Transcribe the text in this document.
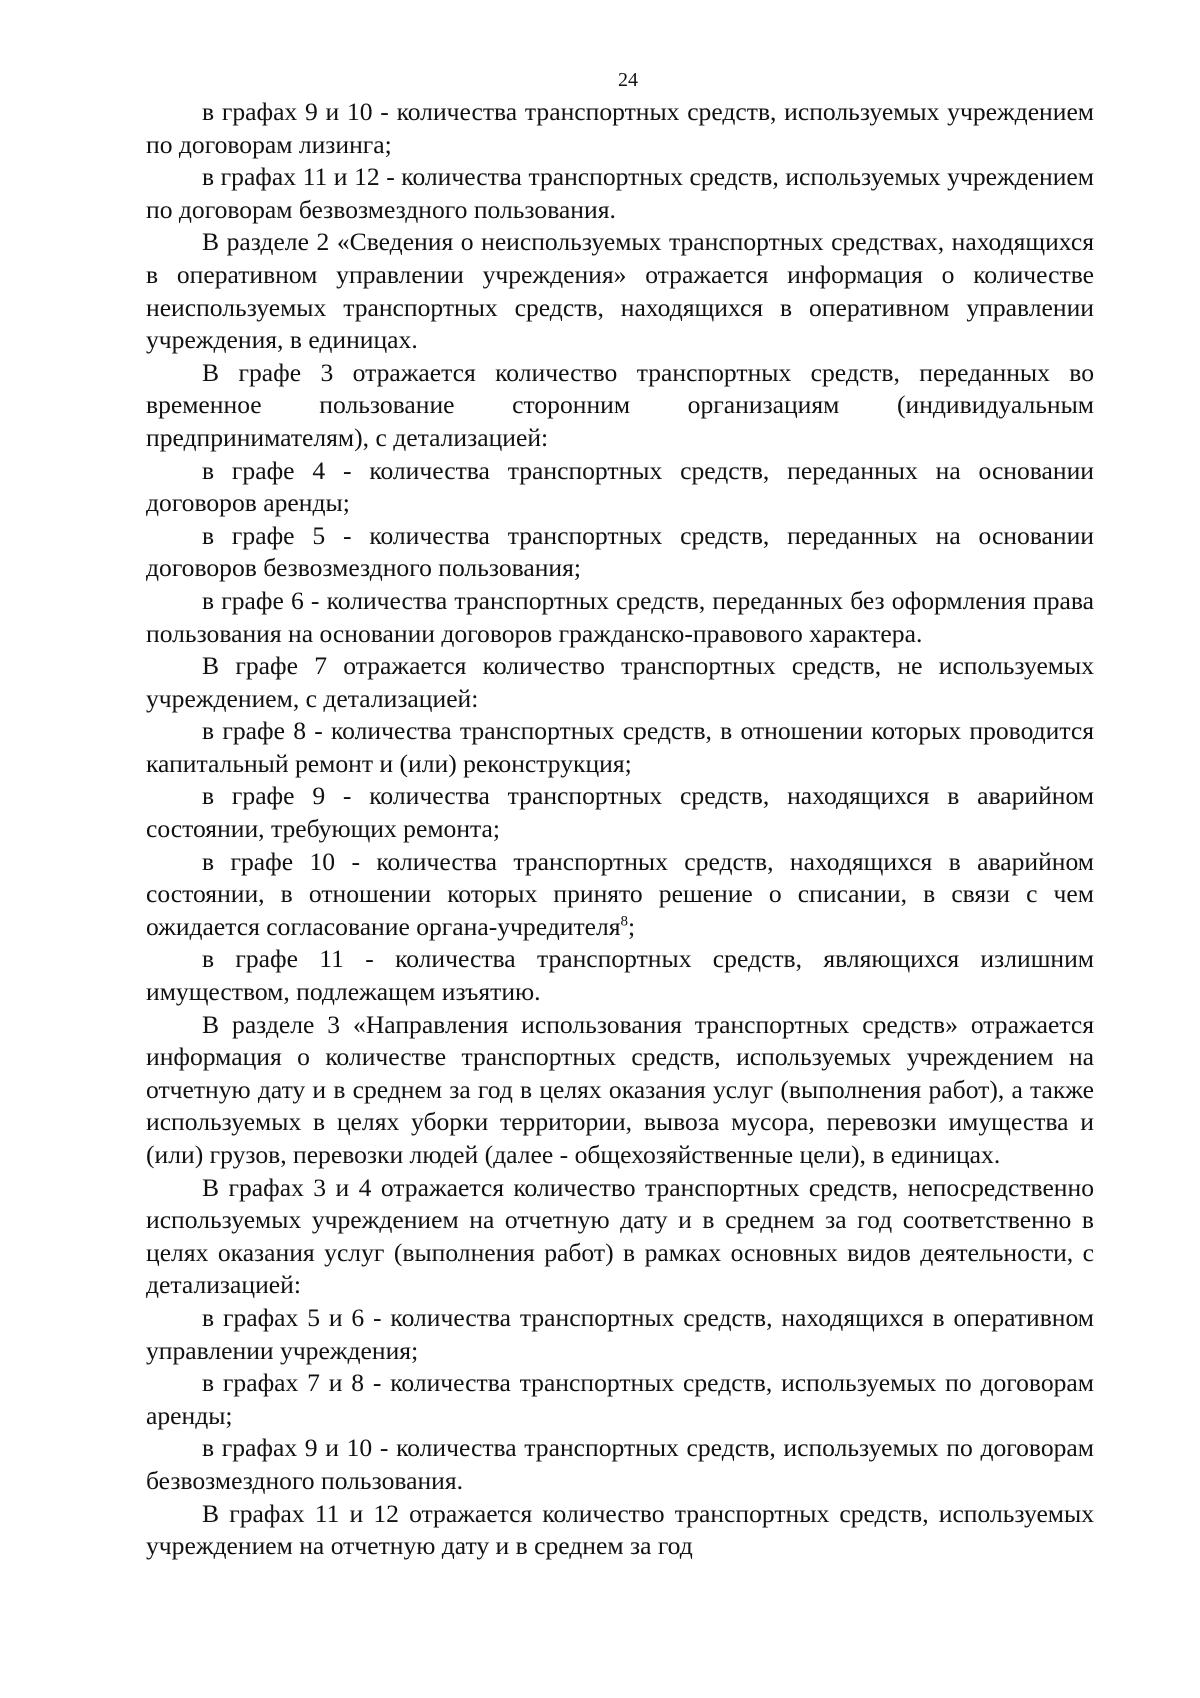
24

в графах 9 и 10 - количества транспортных средств, используемых учреждением по договорам лизинга;

в графах 11 и 12 - количества транспортных средств, используемых учреждением по договорам безвозмездного пользования.

В разделе 2 «Сведения о неиспользуемых транспортных средствах, находящихся в оперативном управлении учреждения» отражается информация о количестве неиспользуемых транспортных средств, находящихся в оперативном управлении учреждения, в единицах.

В графе 3 отражается количество транспортных средств, переданных во временное пользование сторонним организациям (индивидуальным предпринимателям), с детализацией:

в графе 4 - количества транспортных средств, переданных на основании договоров аренды;

в графе 5 - количества транспортных средств, переданных на основании договоров безвозмездного пользования;

в графе 6 - количества транспортных средств, переданных без оформления права пользования на основании договоров гражданско-правового характера.

В графе 7 отражается количество транспортных средств, не используемых учреждением, с детализацией:

в графе 8 - количества транспортных средств, в отношении которых проводится капитальный ремонт и (или) реконструкция;

в графе 9 - количества транспортных средств, находящихся в аварийном состоянии, требующих ремонта;

в графе 10 - количества транспортных средств, находящихся в аварийном состоянии, в отношении которых принято решение о списании, в связи с чем ожидается согласование органа-учредителя$^8$;

в графе 11 - количества транспортных средств, являющихся излишним имуществом, подлежащем изъятию.

В разделе 3 «Направления использования транспортных средств» отражается информация о количестве транспортных средств, используемых учреждением на отчетную дату и в среднем за год в целях оказания услуг (выполнения работ), а также используемых в целях уборки территории, вывоза мусора, перевозки имущества и (или) грузов, перевозки людей (далее - общехозяйственные цели), в единицах.

В графах 3 и 4 отражается количество транспортных средств, непосредственно используемых учреждением на отчетную дату и в среднем за год соответственно в целях оказания услуг (выполнения работ) в рамках основных видов деятельности, с детализацией:

в графах 5 и 6 - количества транспортных средств, находящихся в оперативном управлении учреждения;

в графах 7 и 8 - количества транспортных средств, используемых по договорам аренды;

в графах 9 и 10 - количества транспортных средств, используемых по договорам безвозмездного пользования.

В графах 11 и 12 отражается количество транспортных средств, используемых учреждением на отчетную дату и в среднем за год
